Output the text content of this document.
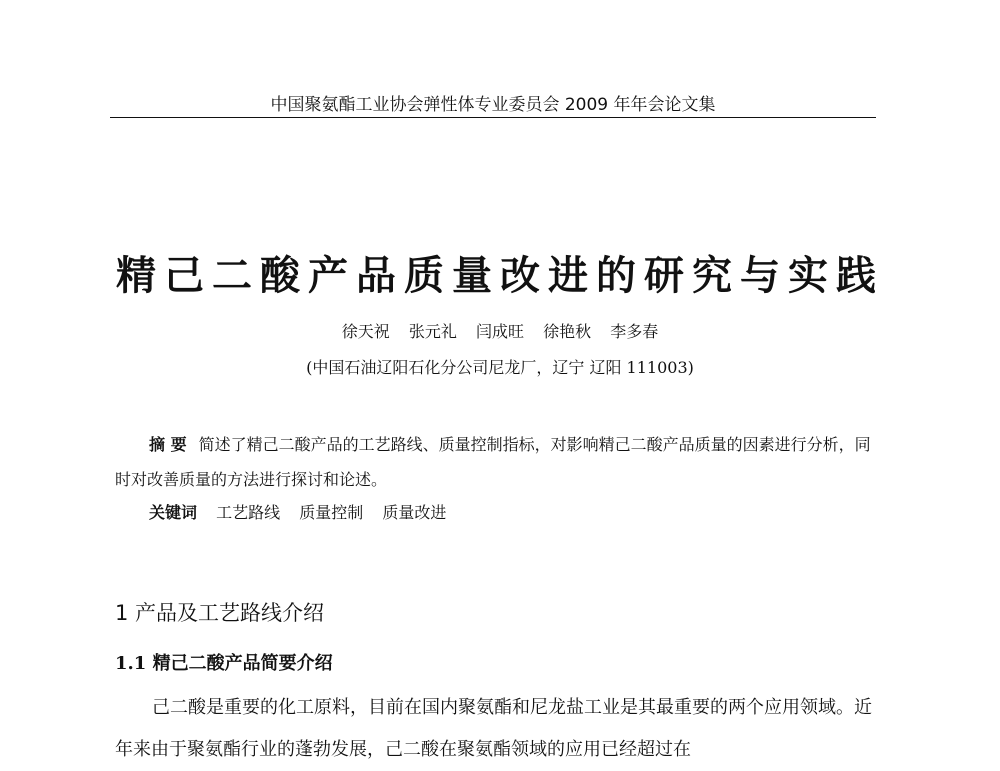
中国聚氨酯工业协会弹性体专业委员会 2009 年年会论文集
精己二酸产品质量改进的研究与实践
徐天祝 张元礼 闫成旺 徐艳秋 李多春
(中国石油辽阳石化分公司尼龙厂，辽宁 辽阳 111003)
摘 要 简述了精己二酸产品的工艺路线、质量控制指标，对影响精己二酸产品质量的因素进行分析，同时对改善质量的方法进行探讨和论述。
关键词 工艺路线 质量控制 质量改进
1 产品及工艺路线介绍
1.1 精己二酸产品简要介绍
己二酸是重要的化工原料，目前在国内聚氨酯和尼龙盐工业是其最重要的两个应用领域。近年来由于聚氨酯行业的蓬勃发展，己二酸在聚氨酯领域的应用已经超过在
